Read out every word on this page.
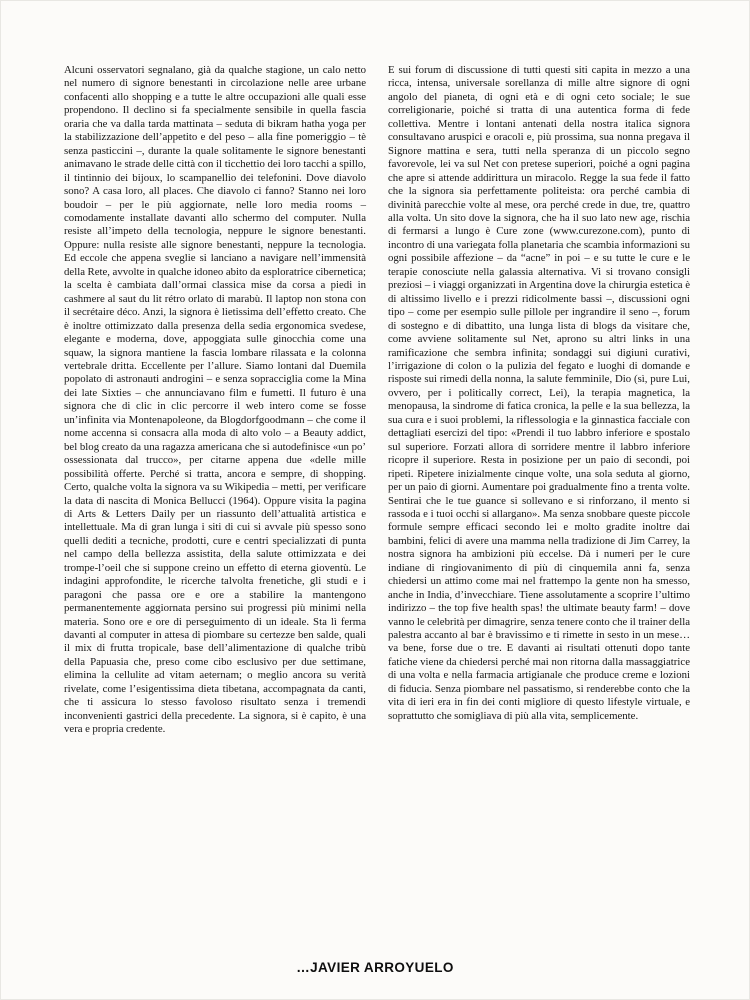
Alcuni osservatori segnalano, già da qualche stagione, un calo netto nel numero di signore benestanti in circolazione nelle aree urbane confacenti allo shopping e a tutte le altre occupazioni alle quali esse propendono. Il declino si fa specialmente sensibile in quella fascia oraria che va dalla tarda mattinata – seduta di bikram hatha yoga per la stabilizzazione dell’appetito e del peso – alla fine pomeriggio – tè senza pasticcini –, durante la quale solitamente le signore benestanti animavano le strade delle città con il ticchettio dei loro tacchi a spillo, il tintinnio dei bijoux, lo scampanellio dei telefonini. Dove diavolo sono? A casa loro, all places. Che diavolo ci fanno? Stanno nei loro boudoir – per le più aggiornate, nelle loro media rooms – comodamente installate davanti allo schermo del computer. Nulla resiste all’impeto della tecnologia, neppure le signore benestanti. Oppure: nulla resiste alle signore benestanti, neppure la tecnologia. Ed eccole che appena sveglie si lanciano a navigare nell’immensità della Rete, avvolte in qualche idoneo abito da esploratrice cibernetica; la scelta è cambiata dall’ormai classica mise da corsa a piedi in cashmere al saut du lit rétro orlato di marabù. Il laptop non stona con il secrétaire déco. Anzi, la signora è lietissima dell’effetto creato. Che è inoltre ottimizzato dalla presenza della sedia ergonomica svedese, elegante e moderna, dove, appoggiata sulle ginocchia come una squaw, la signora mantiene la fascia lombare rilassata e la colonna vertebrale dritta. Eccellente per l’allure. Siamo lontani dal Duemila popolato di astronauti androgini – e senza sopracciglia come la Mina dei late Sixties – che annunciavano film e fumetti. Il futuro è una signora che di clic in clic percorre il web intero come se fosse un’infinita via Montenapoleone, da Blogdorfgoodmann – che come il nome accenna si consacra alla moda di alto volo – a Beauty addict, bel blog creato da una ragazza americana che si autodefinisce «un po’ ossessionata dal trucco», per citarne appena due «delle mille possibilità offerte. Perché si tratta, ancora e sempre, di shopping. Certo, qualche volta la signora va su Wikipedia – metti, per verificare la data di nascita di Monica Bellucci (1964). Oppure visita la pagina di Arts & Letters Daily per un riassunto dell’attualità artistica e intellettuale. Ma di gran lunga i siti di cui si avvale più spesso sono quelli dediti a tecniche, prodotti, cure e centri specializzati di punta nel campo della bellezza assistita, della salute ottimizzata e dei trompe-l’oeil che si suppone creino un effetto di eterna gioventù. Le indagini approfondite, le ricerche talvolta frenetiche, gli studi e i paragoni che passa ore e ore a stabilire la mantengono permanentemente aggiornata persino sui progressi più minimi nella materia. Sono ore e ore di perseguimento di un ideale. Sta lì ferma davanti al computer in attesa di piombare su certezze ben salde, quali il mix di frutta tropicale, base dell’alimentazione di qualche tribù della Papuasia che, preso come cibo esclusivo per due settimane, elimina la cellulite ad vitam aeternam; o meglio ancora su verità rivelate, come l’esigentissima dieta tibetana, accompagnata da canti, che ti assicura lo stesso favoloso risultato senza i tremendi inconvenienti gastrici della precedente. La signora, si è capito, è una vera e propria credente.
E sui forum di discussione di tutti questi siti capita in mezzo a una ricca, intensa, universale sorellanza di mille altre signore di ogni angolo del pianeta, di ogni età e di ogni ceto sociale; le sue correligionarie, poiché si tratta di una autentica forma di fede collettiva. Mentre i lontani antenati della nostra italica signora consultavano aruspici e oracoli e, più prossima, sua nonna pregava il Signore mattina e sera, tutti nella speranza di un piccolo segno favorevole, lei va sul Net con pretese superiori, poiché a ogni pagina che apre si attende addirittura un miracolo. Regge la sua fede il fatto che la signora sia perfettamente politeista: ora perché cambia di divinità parecchie volte al mese, ora perché crede in due, tre, quattro alla volta. Un sito dove la signora, che ha il suo lato new age, rischia di fermarsi a lungo è Cure zone (www.curezone.com), punto di incontro di una variegata folla planetaria che scambia informazioni su ogni possibile affezione – da “acne” in poi – e su tutte le cure e le terapie conosciute nella galassia alternativa. Vi si trovano consigli preziosi – i viaggi organizzati in Argentina dove la chirurgia estetica è di altissimo livello e i prezzi ridicolmente bassi –, discussioni ogni tipo – come per esempio sulle pillole per ingrandire il seno –, forum di sostegno e di dibattito, una lunga lista di blogs da visitare che, come avviene solitamente sul Net, aprono su altri links in una ramificazione che sembra infinita; sondaggi sui digiuni curativi, l’irrigazione di colon o la pulizia del fegato e luoghi di domande e risposte sui rimedi della nonna, la salute femminile, Dio (sì, pure Lui, ovvero, per i politically correct, Lei), la terapia magnetica, la menopausa, la sindrome di fatica cronica, la pelle e la sua bellezza, la sua cura e i suoi problemi, la riflessologia e la ginnastica facciale con dettagliati esercizi del tipo: «Prendi il tuo labbro inferiore e spostalo sul superiore. Forzati allora di sorridere mentre il labbro inferiore ricopre il superiore. Resta in posizione per un paio di secondi, poi ripeti. Ripetere inizialmente cinque volte, una sola seduta al giorno, per un paio di giorni. Aumentare poi gradualmente fino a trenta volte. Sentirai che le tue guance si sollevano e si rinforzano, il mento si rassoda e i tuoi occhi si allargano». Ma senza snobbare queste piccole formule sempre efficaci secondo lei e molto gradite inoltre dai bambini, felici di avere una mamma nella tradizione di Jim Carrey, la nostra signora ha ambizioni più eccelse. Dà i numeri per le cure indiane di ringiovanimento di più di cinquemila anni fa, senza chiedersi un attimo come mai nel frattempo la gente non ha smesso, anche in India, d’invecchiare. Tiene assolutamente a scoprire l’ultimo indirizzo – the top five health spas! the ultimate beauty farm! – dove vanno le celebrità per dimagrire, senza tenere conto che il trainer della palestra accanto al bar è bravissimo e ti rimette in sesto in un mese… va bene, forse due o tre. E davanti ai risultati ottenuti dopo tante fatiche viene da chiedersi perché mai non ritorna dalla massaggiatrice di una volta e nella farmacia artigianale che produce creme e lozioni di fiducia. Senza piombare nel passatismo, si renderebbe conto che la vita di ieri era in fin dei conti migliore di questo lifestyle virtuale, e soprattutto che somigliava di più alla vita, semplicemente.
…JAVIER ARROYUELO
